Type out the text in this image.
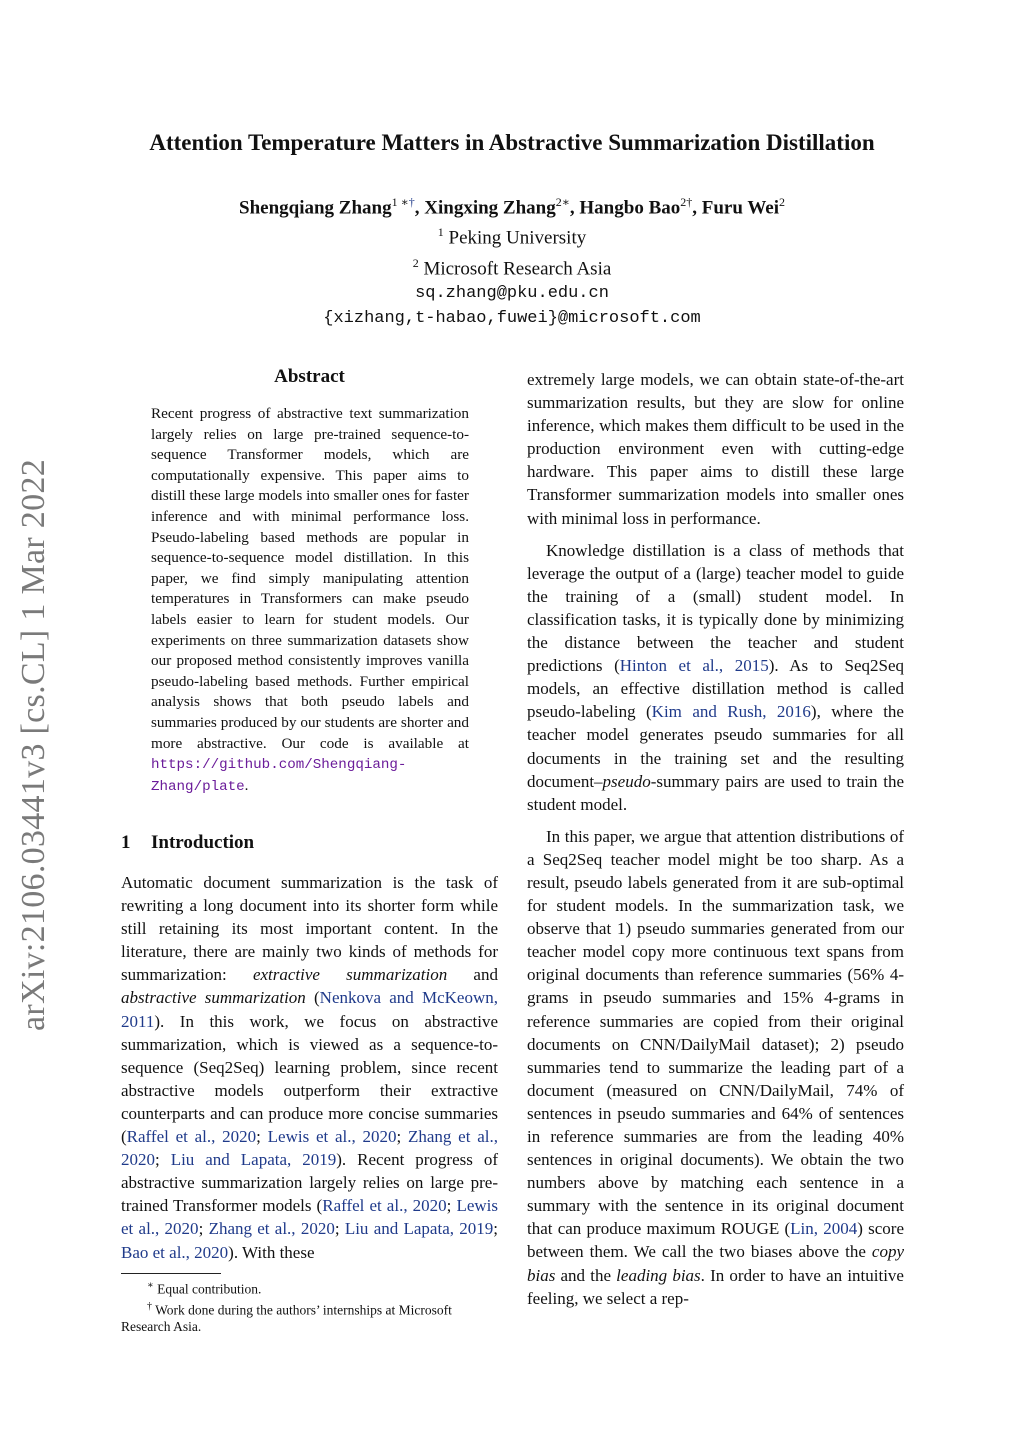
arXiv:2106.03441v3 [cs.CL] 1 Mar 2022
Attention Temperature Matters in Abstractive Summarization Distillation
Shengqiang Zhang$^{1 ∗\dagger}$, Xingxing Zhang$^{2∗}$, Hangbo Bao$^{2\dagger}$, Furu Wei$^2$
$^1$ Peking University
$^2$ Microsoft Research Asia
sq.zhang@pku.edu.cn
{xizhang,t-habao,fuwei}@microsoft.com
Abstract
Recent progress of abstractive text summarization largely relies on large pre-trained sequence-to-sequence Transformer models, which are computationally expensive. This paper aims to distill these large models into smaller ones for faster inference and with minimal performance loss. Pseudo-labeling based methods are popular in sequence-to-sequence model distillation. In this paper, we find simply manipulating attention temperatures in Transformers can make pseudo labels easier to learn for student models. Our experiments on three summarization datasets show our proposed method consistently improves vanilla pseudo-labeling based methods. Further empirical analysis shows that both pseudo labels and summaries produced by our students are shorter and more abstractive. Our code is available at https://github.com/Shengqiang-Zhang/plate.
1 Introduction

Automatic document summarization is the task of rewriting a long document into its shorter form while still retaining its most important content. In the literature, there are mainly two kinds of methods for summarization: extractive summarization and abstractive summarization (Nenkova and McKeown, 2011). In this work, we focus on abstractive summarization, which is viewed as a sequence-to-sequence (Seq2Seq) learning problem, since recent abstractive models outperform their extractive counterparts and can produce more concise summaries (Raffel et al., 2020; Lewis et al., 2020; Zhang et al., 2020; Liu and Lapata, 2019). Recent progress of abstractive summarization largely relies on large pre-trained Transformer models (Raffel et al., 2020; Lewis et al., 2020; Zhang et al., 2020; Liu and Lapata, 2019; Bao et al., 2020). With these

∗ Equal contribution.
† Work done during the authors’ internships at Microsoft Research Asia.

extremely large models, we can obtain state-of-the-art summarization results, but they are slow for online inference, which makes them difficult to be used in the production environment even with cutting-edge hardware. This paper aims to distill these large Transformer summarization models into smaller ones with minimal loss in performance.

Knowledge distillation is a class of methods that leverage the output of a (large) teacher model to guide the training of a (small) student model. In classification tasks, it is typically done by minimizing the distance between the teacher and student predictions (Hinton et al., 2015). As to Seq2Seq models, an effective distillation method is called pseudo-labeling (Kim and Rush, 2016), where the teacher model generates pseudo summaries for all documents in the training set and the resulting document–pseudo-summary pairs are used to train the student model.

In this paper, we argue that attention distributions of a Seq2Seq teacher model might be too sharp. As a result, pseudo labels generated from it are sub-optimal for student models. In the summarization task, we observe that 1) pseudo summaries generated from our teacher model copy more continuous text spans from original documents than reference summaries (56% 4-grams in pseudo summaries and 15% 4-grams in reference summaries are copied from their original documents on CNN/DailyMail dataset); 2) pseudo summaries tend to summarize the leading part of a document (measured on CNN/DailyMail, 74% of sentences in pseudo summaries and 64% of sentences in reference summaries are from the leading 40% sentences in original documents). We obtain the two numbers above by matching each sentence in a summary with the sentence in its original document that can produce maximum ROUGE (Lin, 2004) score between them. We call the two biases above the copy bias and the leading bias. In order to have an intuitive feeling, we select a rep-
